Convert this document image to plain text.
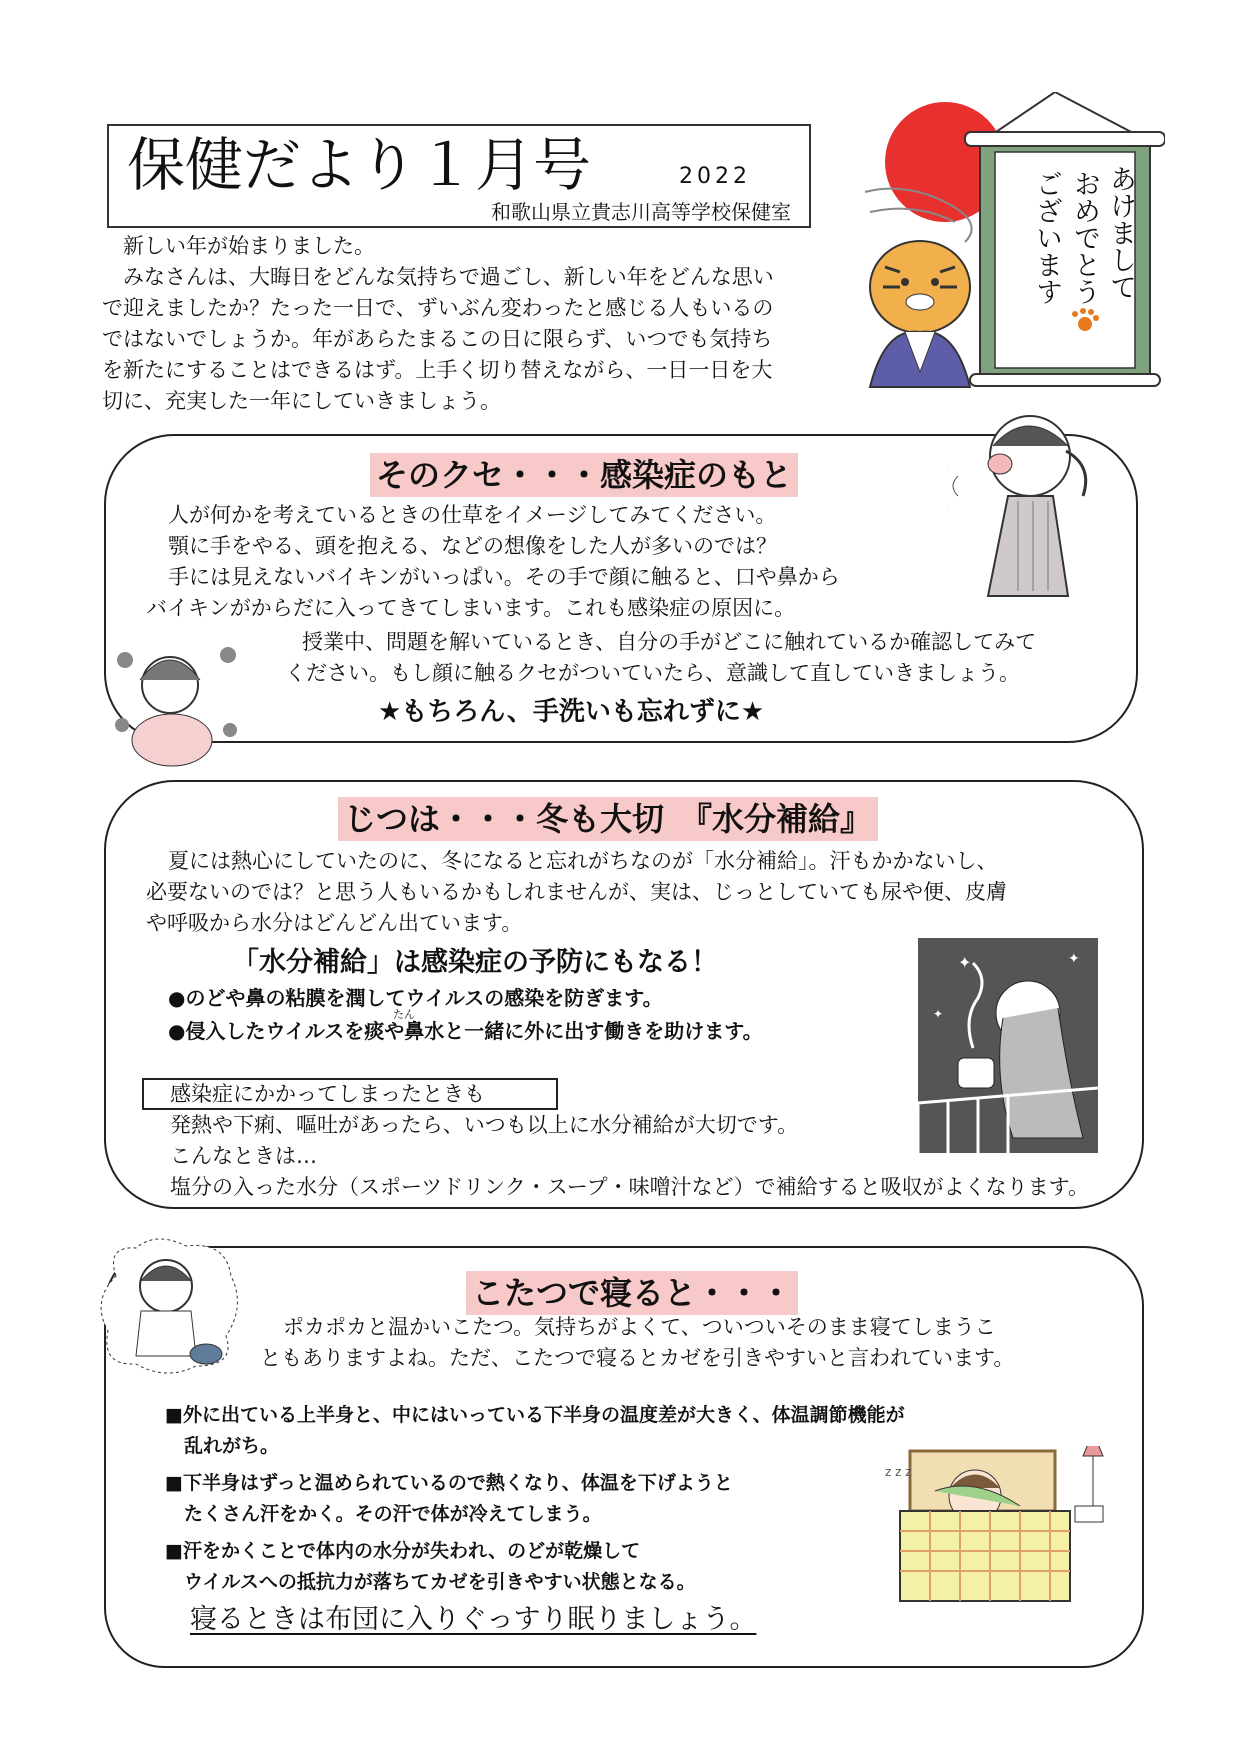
保健だより１月号	2022
和歌山県立貴志川高等学校保健室	ございます おめでとう あけまして
　新しい年が始まりました。
　みなさんは、大晦日をどんな気持ちで過ごし、新しい年をどんな思い
で迎えましたか？たった一日で、ずいぶん変わったと感じる人もいるの
ではないでしょうか。年があらたまるこの日に限らず、いつでも気持ち
を新たにすることはできるはず。上手く切り替えながら、一日一日を大
切に、充実した一年にしていきましょう。
そのクセ・・・感染症のもと
人が何かを考えているときの仕草をイメージしてみてください。
顎に手をやる、頭を抱える、などの想像をした人が多いのでは？
手には見えないバイキンがいっぱい。その手で顔に触ると、口や鼻から
バイキンがからだに入ってきてしまいます。これも感染症の原因に。
授業中、問題を解いているとき、自分の手がどこに触れているか確認してみて
ください。もし顔に触るクセがついていたら、意識して直していきましょう。
★もちろん、手洗いも忘れずに★
じつは・・・冬も大切　『水分補給』
夏には熱心にしていたのに、冬になると忘れがちなのが「水分補給」。汗もかかないし、
必要ないのでは？と思う人もいるかもしれませんが、実は、じっとしていても尿や便、皮膚
や呼吸から水分はどんどん出ています。
「水分補給」は感染症の予防にもなる！
●のどや鼻の粘膜を潤してウイルスの感染を防ぎます。
たん
●侵入したウイルスを痰や鼻水と一緒に外に出す働きを助けます。
感染症にかかってしまったときも
発熱や下痢、嘔吐があったら、いつも以上に水分補給が大切です。
こんなときは…
塩分の入った水分（スポーツドリンク・スープ・味噌汁など）で補給すると吸収がよくなります。
✦	✦
✦
こたつで寝ると・・・
ポカポカと温かいこたつ。気持ちがよくて、ついついそのまま寝てしまうこ
ともありますよね。ただ、こたつで寝るとカゼを引きやすいと言われています。
■外に出ている上半身と、中にはいっている下半身の温度差が大きく、体温調節機能が
　乱れがち。
■下半身はずっと温められているので熱くなり、体温を下げようと
　たくさん汗をかく。その汗で体が冷えてしまう。
■汗をかくことで体内の水分が失われ、のどが乾燥して
　ウイルスへの抵抗力が落ちてカゼを引きやすい状態となる。
寝るときは布団に入りぐっすり眠りましょう。
z z z
